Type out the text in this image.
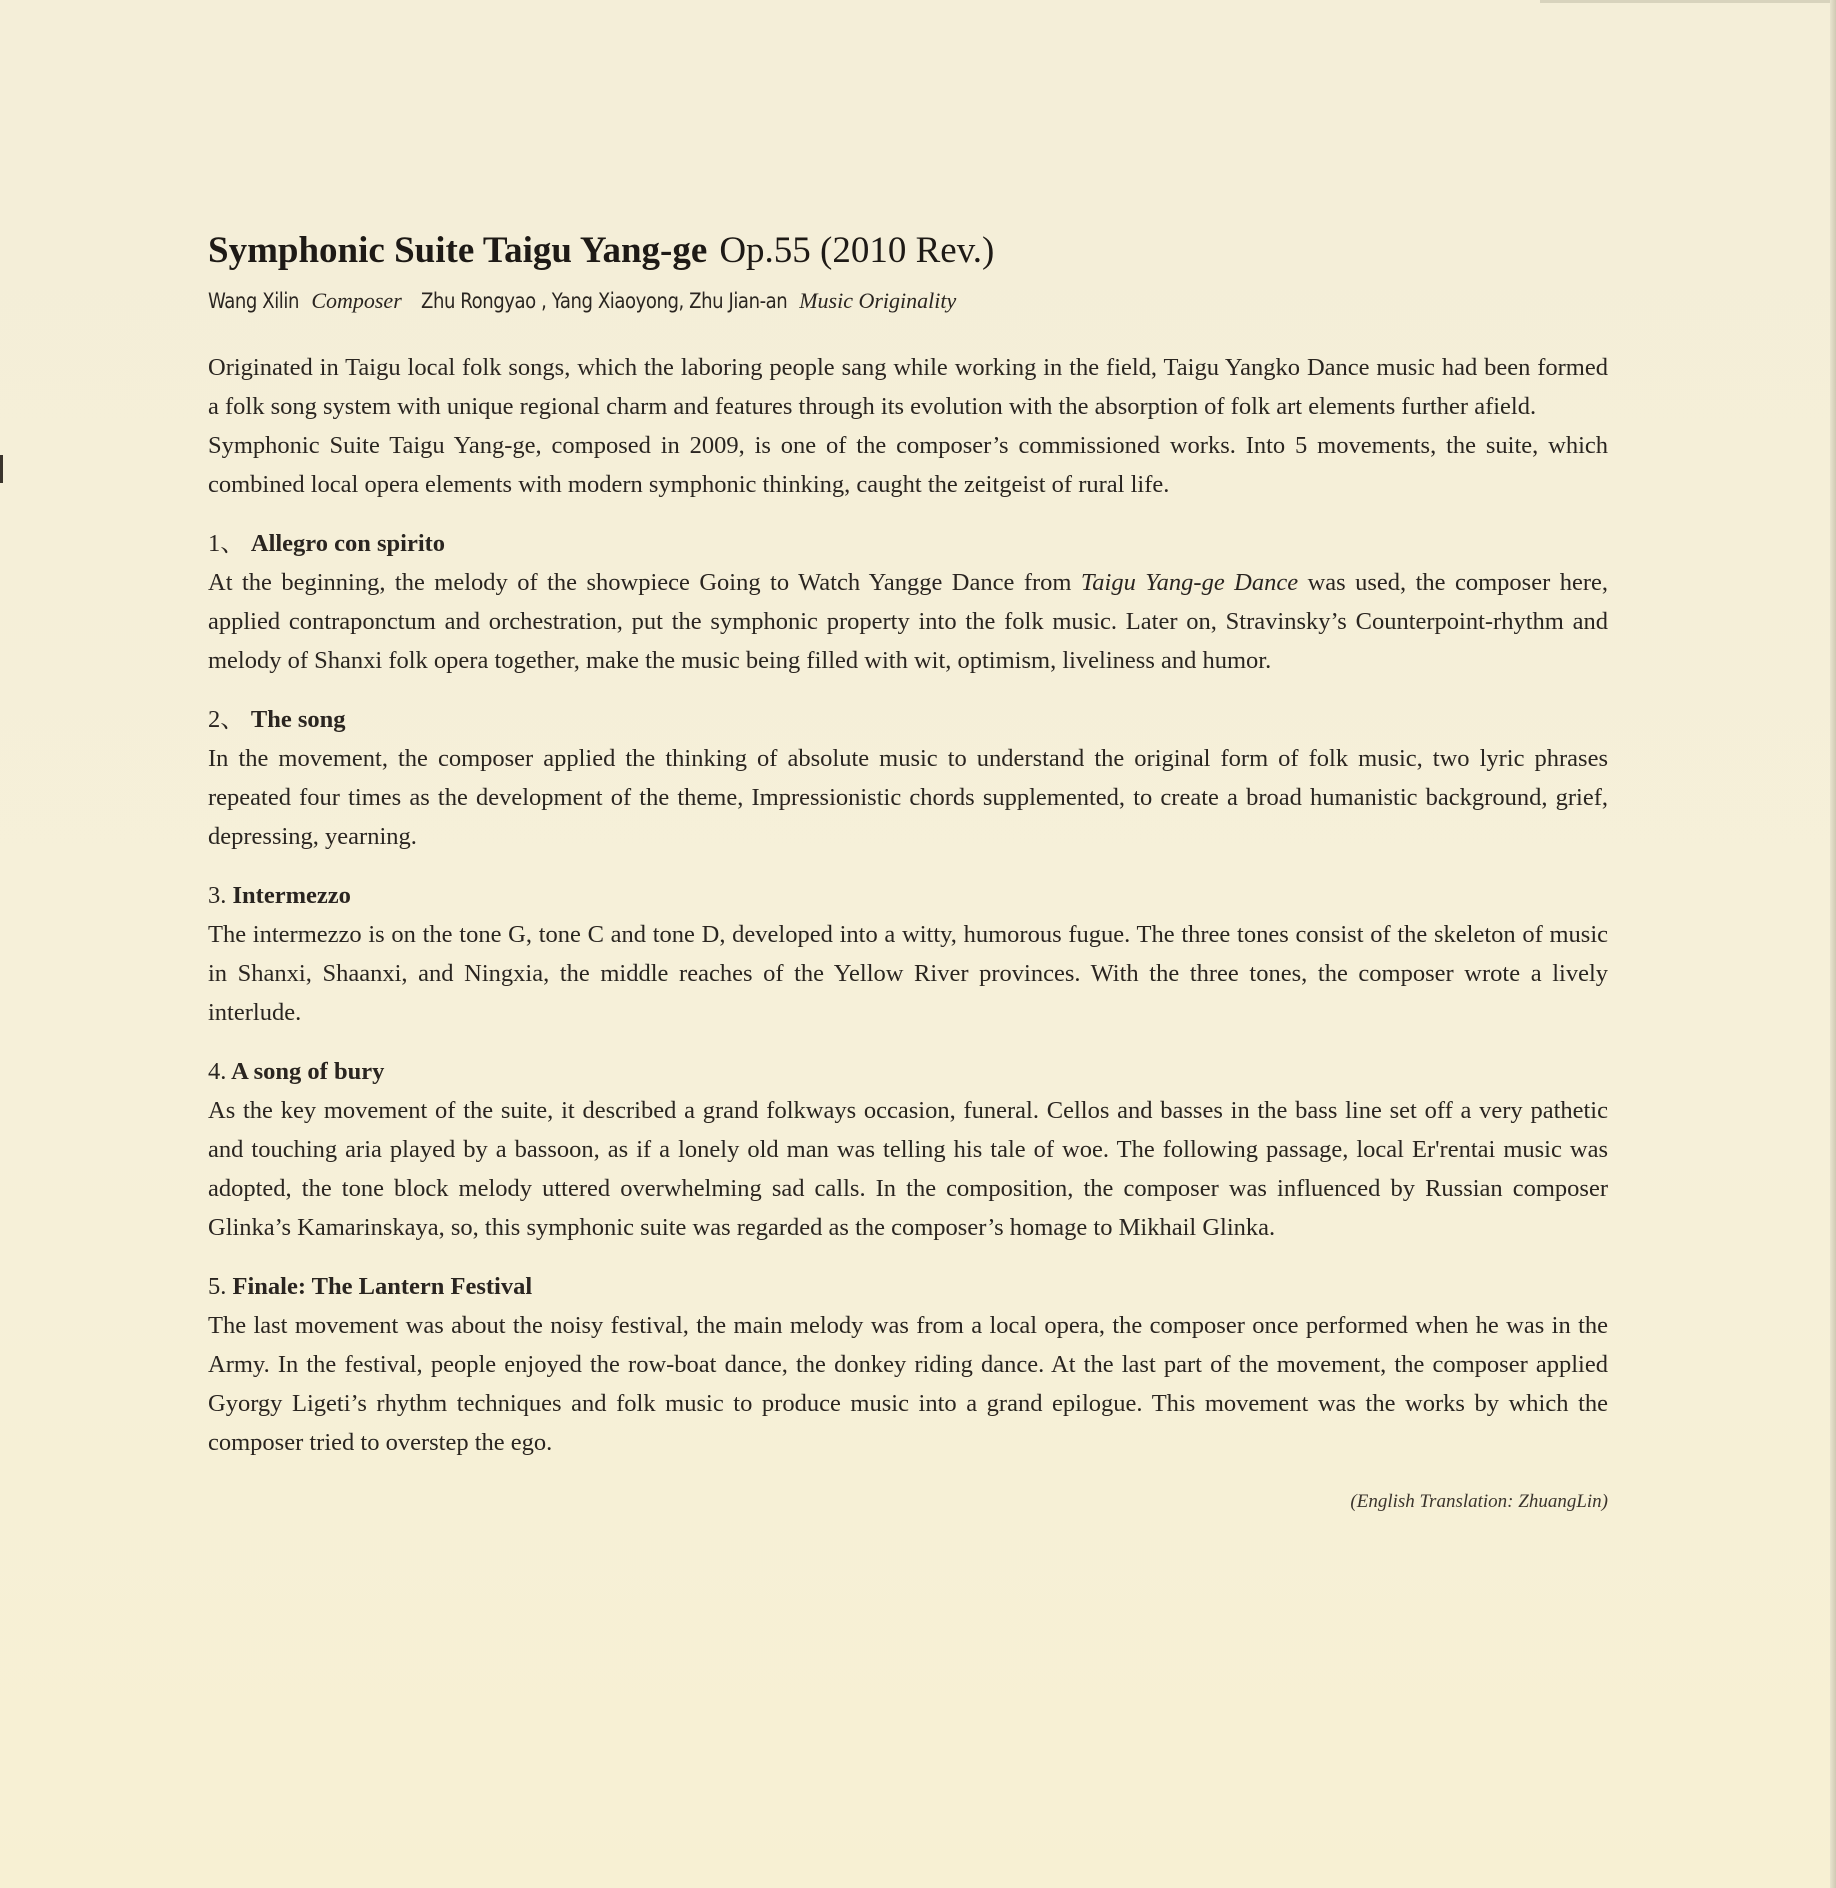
Symphonic Suite Taigu Yang-ge Op.55 (2010 Rev.)
Wang Xilin Composer Zhu Rongyao , Yang Xiaoyong, Zhu Jian-an Music Originality

Originated in Taigu local folk songs, which the laboring people sang while working in the field, Taigu Yangko Dance music had been formed a folk song system with unique regional charm and features through its evolution with the absorption of folk art elements further afield.

Symphonic Suite Taigu Yang-ge, composed in 2009, is one of the composer’s commissioned works. Into 5 movements, the suite, which combined local opera elements with modern symphonic thinking, caught the zeitgeist of rural life.

1、 Allegro con spirito

At the beginning, the melody of the showpiece Going to Watch Yangge Dance from Taigu Yang-ge Dance was used, the composer here, applied contraponctum and orchestration, put the symphonic property into the folk music. Later on, Stravinsky’s Counterpoint-rhythm and melody of Shanxi folk opera together, make the music being filled with wit, optimism, liveliness and humor.

2、 The song

In the movement, the composer applied the thinking of absolute music to understand the original form of folk music, two lyric phrases repeated four times as the development of the theme, Impressionistic chords supplemented, to create a broad humanistic background, grief, depressing, yearning.

3. Intermezzo

The intermezzo is on the tone G, tone C and tone D, developed into a witty, humorous fugue. The three tones consist of the skeleton of music in Shanxi, Shaanxi, and Ningxia, the middle reaches of the Yellow River provinces. With the three tones, the composer wrote a lively interlude.

4. A song of bury

As the key movement of the suite, it described a grand folkways occasion, funeral. Cellos and basses in the bass line set off a very pathetic and touching aria played by a bassoon, as if a lonely old man was telling his tale of woe. The following passage, local Er'rentai music was adopted, the tone block melody uttered overwhelming sad calls. In the composition, the composer was influenced by Russian composer Glinka’s Kamarinskaya, so, this symphonic suite was regarded as the composer’s homage to Mikhail Glinka.

5. Finale: The Lantern Festival

The last movement was about the noisy festival, the main melody was from a local opera, the composer once performed when he was in the Army. In the festival, people enjoyed the row-boat dance, the donkey riding dance. At the last part of the movement, the composer applied Gyorgy Ligeti’s rhythm techniques and folk music to produce music into a grand epilogue. This movement was the works by which the composer tried to overstep the ego.

(English Translation: ZhuangLin)
